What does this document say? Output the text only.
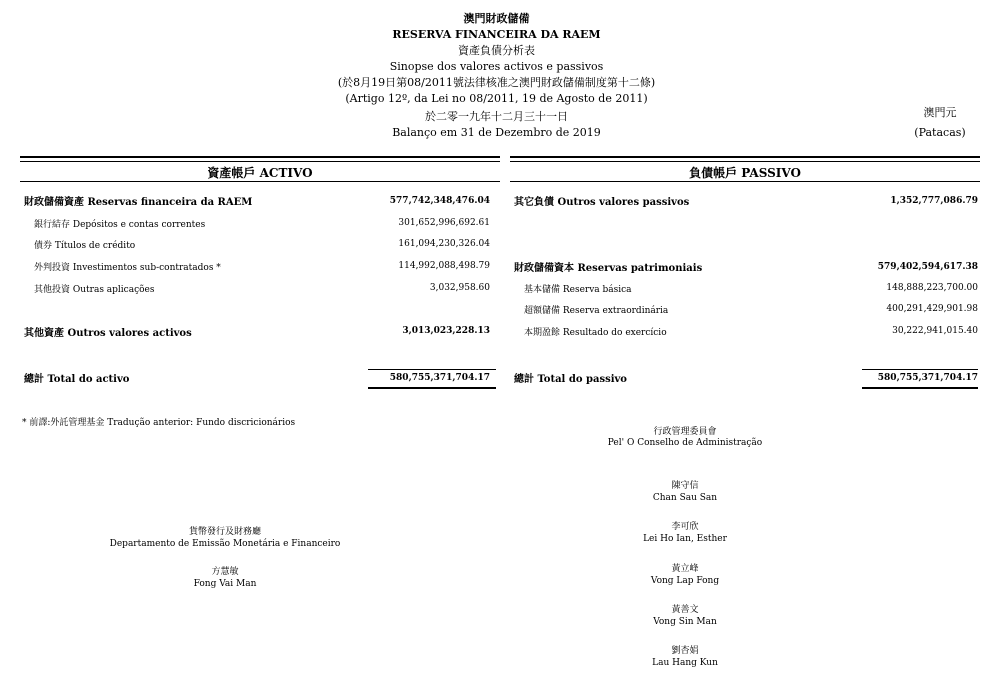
澳門財政儲備
RESERVA FINANCEIRA DA RAEM
資產負債分析表
Sinopse dos valores activos e passivos
(於8月19日第08/2011號法律核准之澳門財政儲備制度第十二條)
(Artigo 12º, da Lei no 08/2011, 19 de Agosto de 2011)
於二零一九年十二月三十一日
Balanço em 31 de Dezembro de 2019
澳門元
(Patacas)
資產帳戶 ACTIVO	負債帳戶 PASSIVO
財政儲備資產 Reservas financeira da RAEM	577,742,348,476.04
銀行結存 Depósitos e contas correntes	301,652,996,692.61
債券 Títulos de crédito	161,094,230,326.04
外判投資 Investimentos sub-contratados *	114,992,088,498.79
其他投資 Outras aplicações	3,032,958.60
其他資產 Outros valores activos	3,013,023,228.13
總計 Total do activo	580,755,371,704.17
其它負債 Outros valores passivos	1,352,777,086.79
財政儲備資本 Reservas patrimoniais	579,402,594,617.38
基本儲備 Reserva básica	148,888,223,700.00
超額儲備 Reserva extraordinária	400,291,429,901.98
本期盈餘 Resultado do exercício	30,222,941,015.40
總計 Total do passivo	580,755,371,704.17
* 前譯:外託管理基金 Tradução anterior: Fundo discricionários
行政管理委員會
Pel' O Conselho de Administração
陳守信
Chan Sau San
李可欣
Lei Ho Ian, Esther
黃立峰
Vong Lap Fong
黃善文
Vong Sin Man
劉杏娟
Lau Hang Kun
貨幣發行及財務廳
Departamento de Emissão Monetária e Financeiro
方慧敏
Fong Vai Man
